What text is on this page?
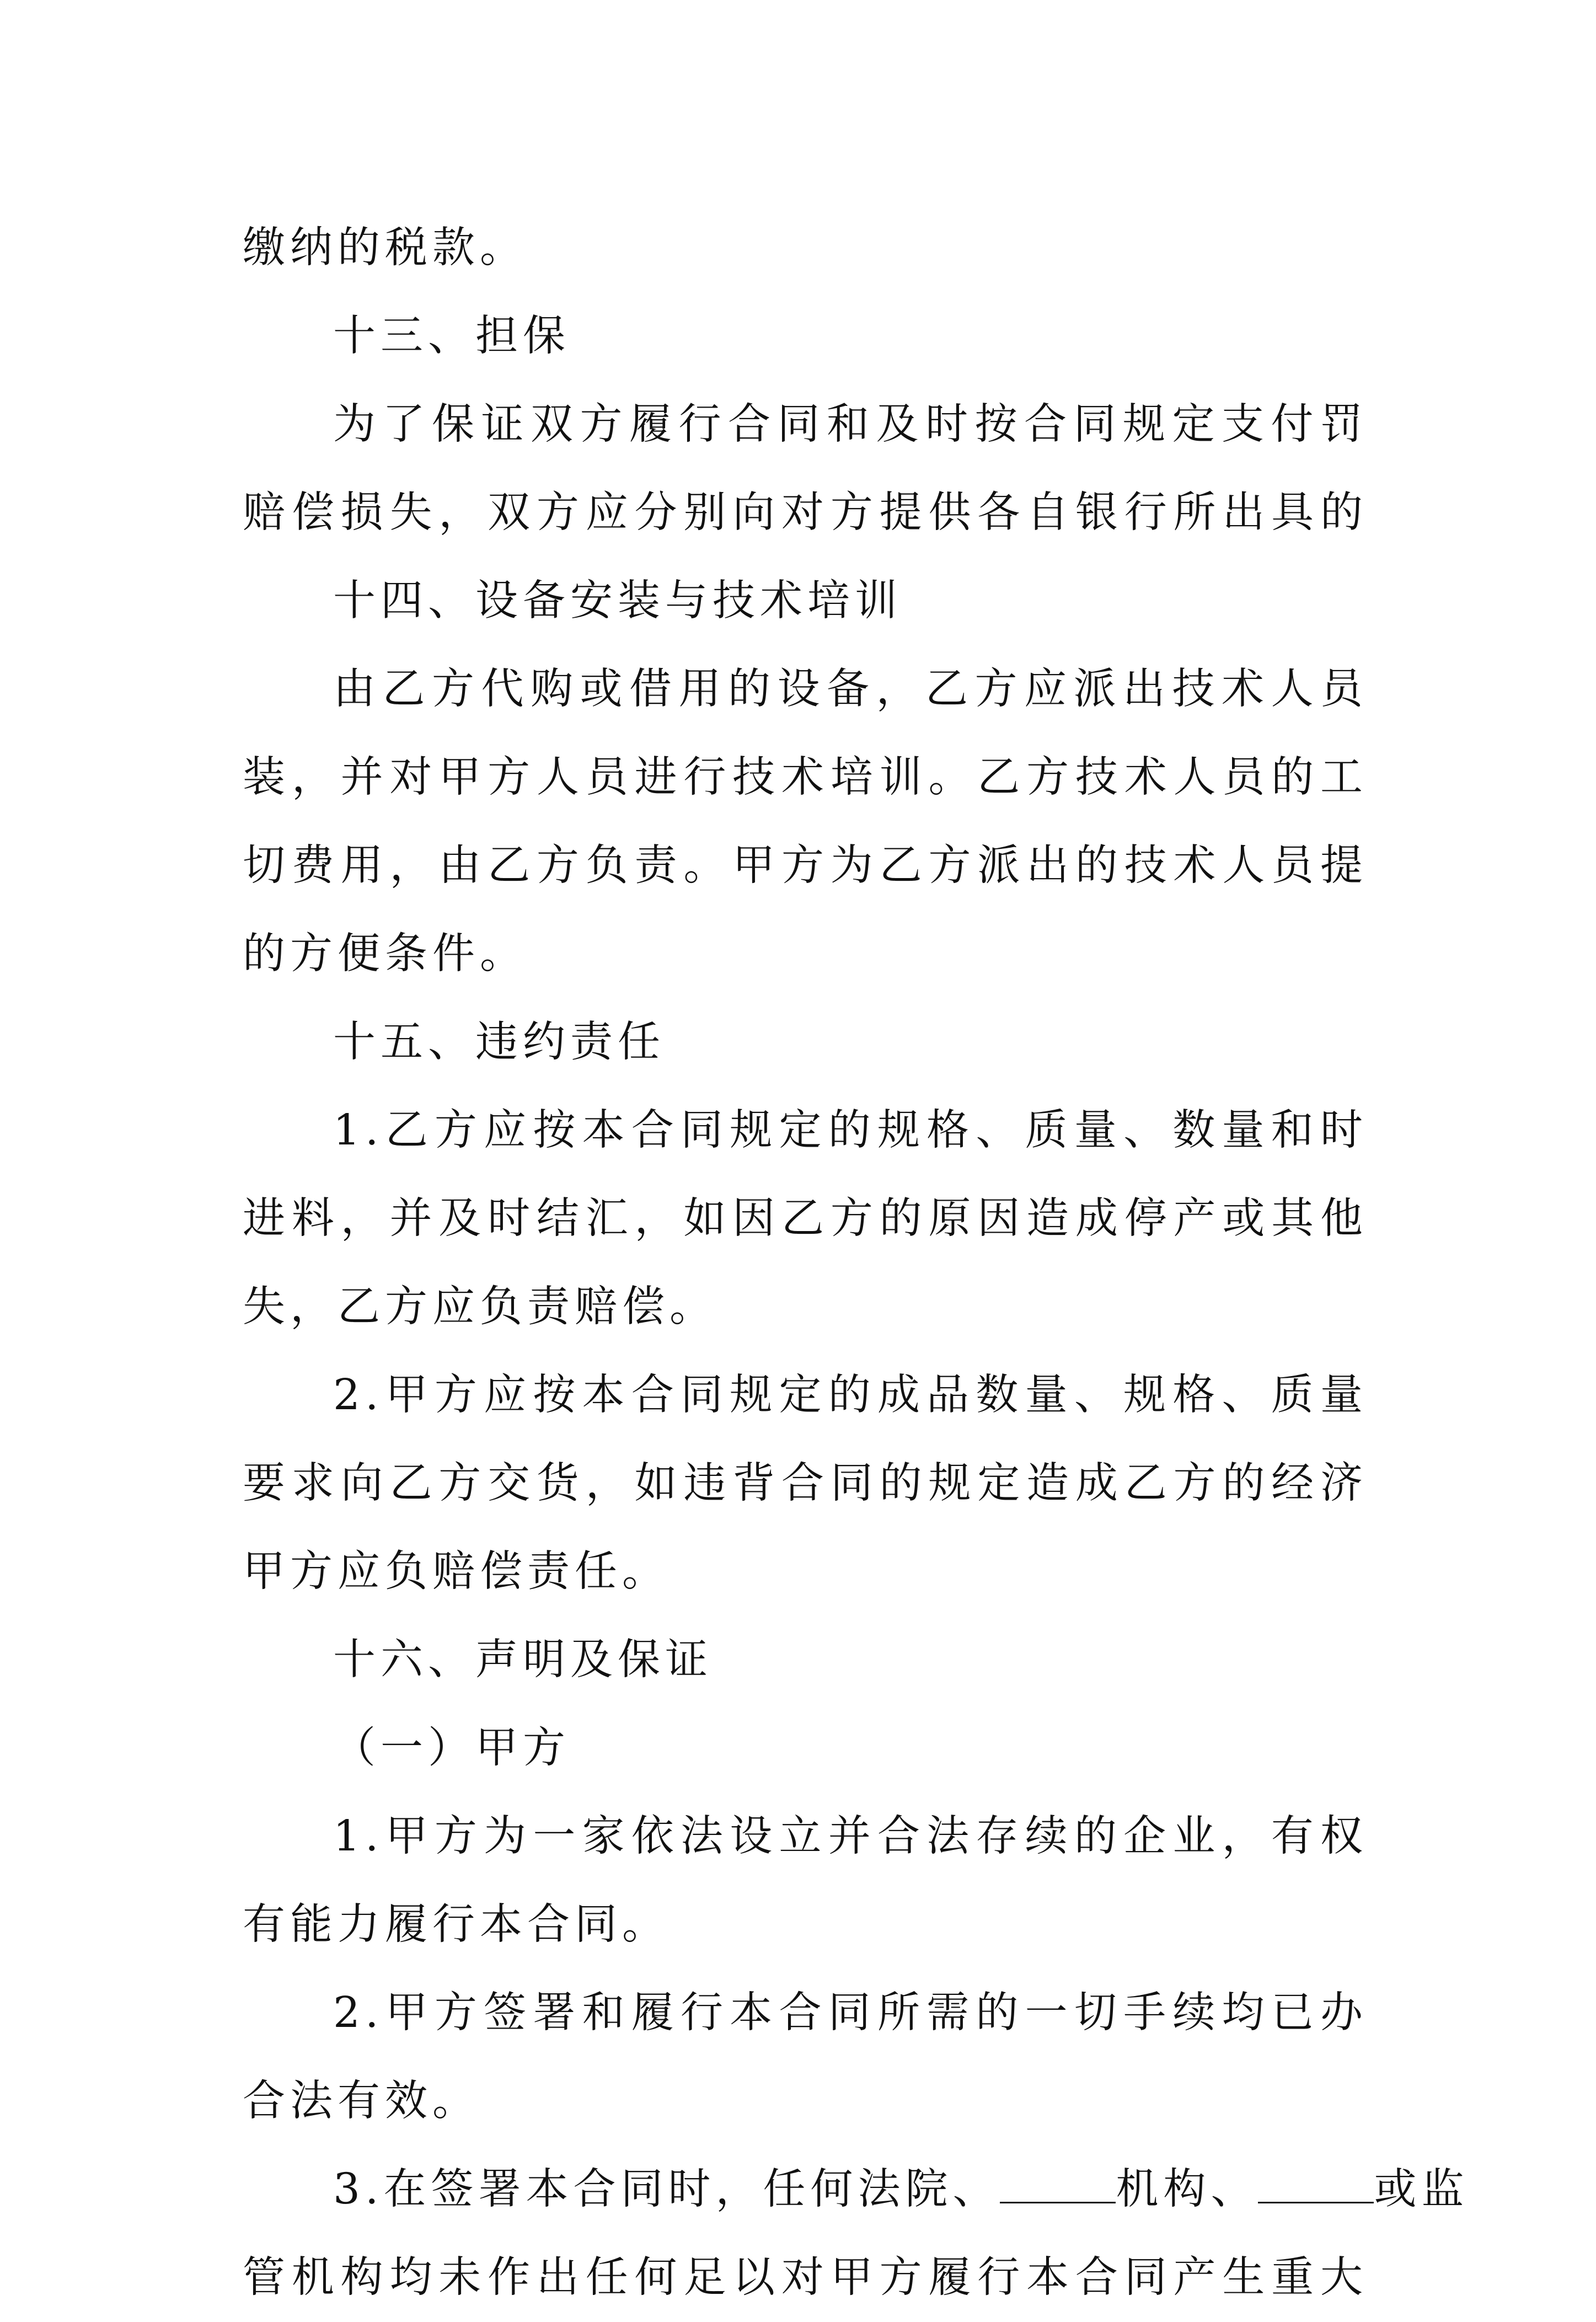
缴纳的税款。
十三、担保
为了保证双方履行合同和及时按合同规定支付罚
赔偿损失，双方应分别向对方提供各自银行所出具的
十四、设备安装与技术培训
由乙方代购或借用的设备，乙方应派出技术人员
装，并对甲方人员进行技术培训。乙方技术人员的工
切费用，由乙方负责。甲方为乙方派出的技术人员提
的方便条件。
十五、违约责任
1.乙方应按本合同规定的规格、质量、数量和时
进料，并及时结汇，如因乙方的原因造成停产或其他
失，乙方应负责赔偿。
2.甲方应按本合同规定的成品数量、规格、质量
要求向乙方交货，如违背合同的规定造成乙方的经济
甲方应负赔偿责任。
十六、声明及保证
（一）甲方
1.甲方为一家依法设立并合法存续的企业，有权
有能力履行本合同。
2.甲方签署和履行本合同所需的一切手续均已办
合法有效。
3.在签署本合同时，任何法院、	机构、	或监
管机构均未作出任何足以对甲方履行本合同产生重大
